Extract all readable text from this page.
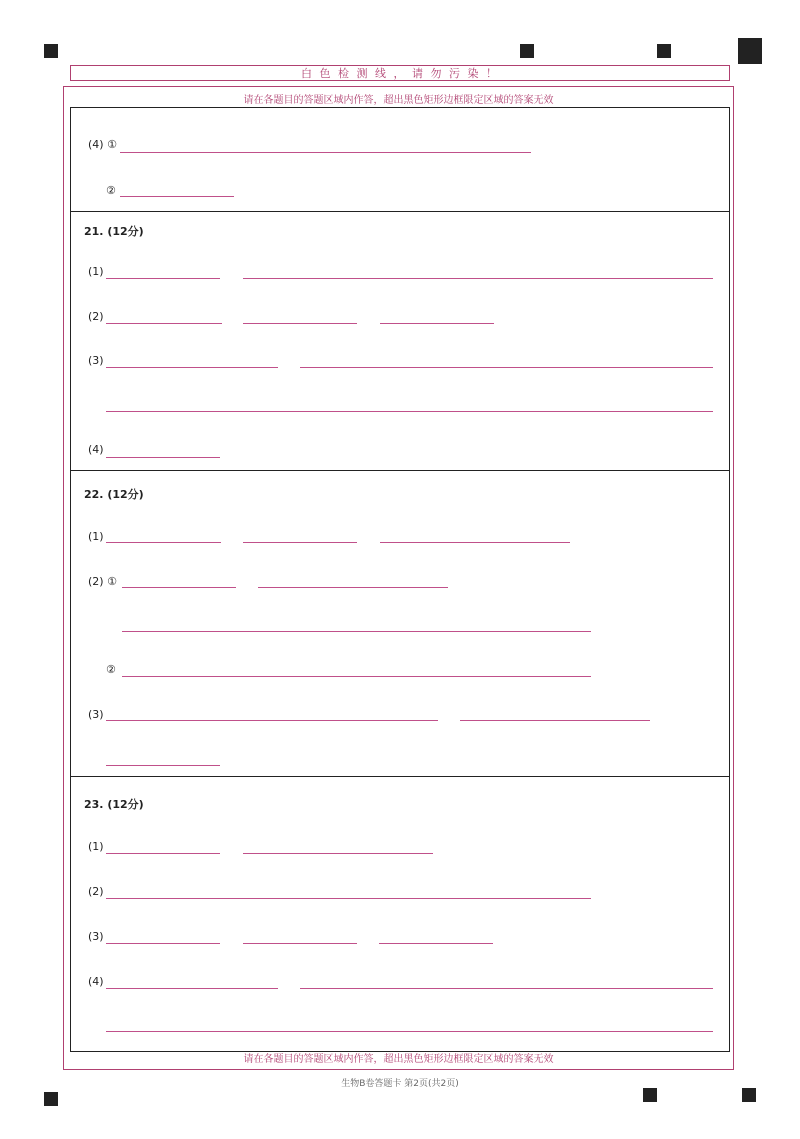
白 色 检 测 线 ， 请 勿 污 染 ！
请在各题目的答题区域内作答，超出黑色矩形边框限定区域的答案无效
请在各题目的答题区域内作答，超出黑色矩形边框限定区域的答案无效
(4) ①
②
21. (12分)
(1)
(2)
(3)
(4)
22. (12分)
(1)
(2) ①
②
(3)
23. (12分)
(1)
(2)
(3)
(4)
生物B卷答题卡 第2页(共2页)
